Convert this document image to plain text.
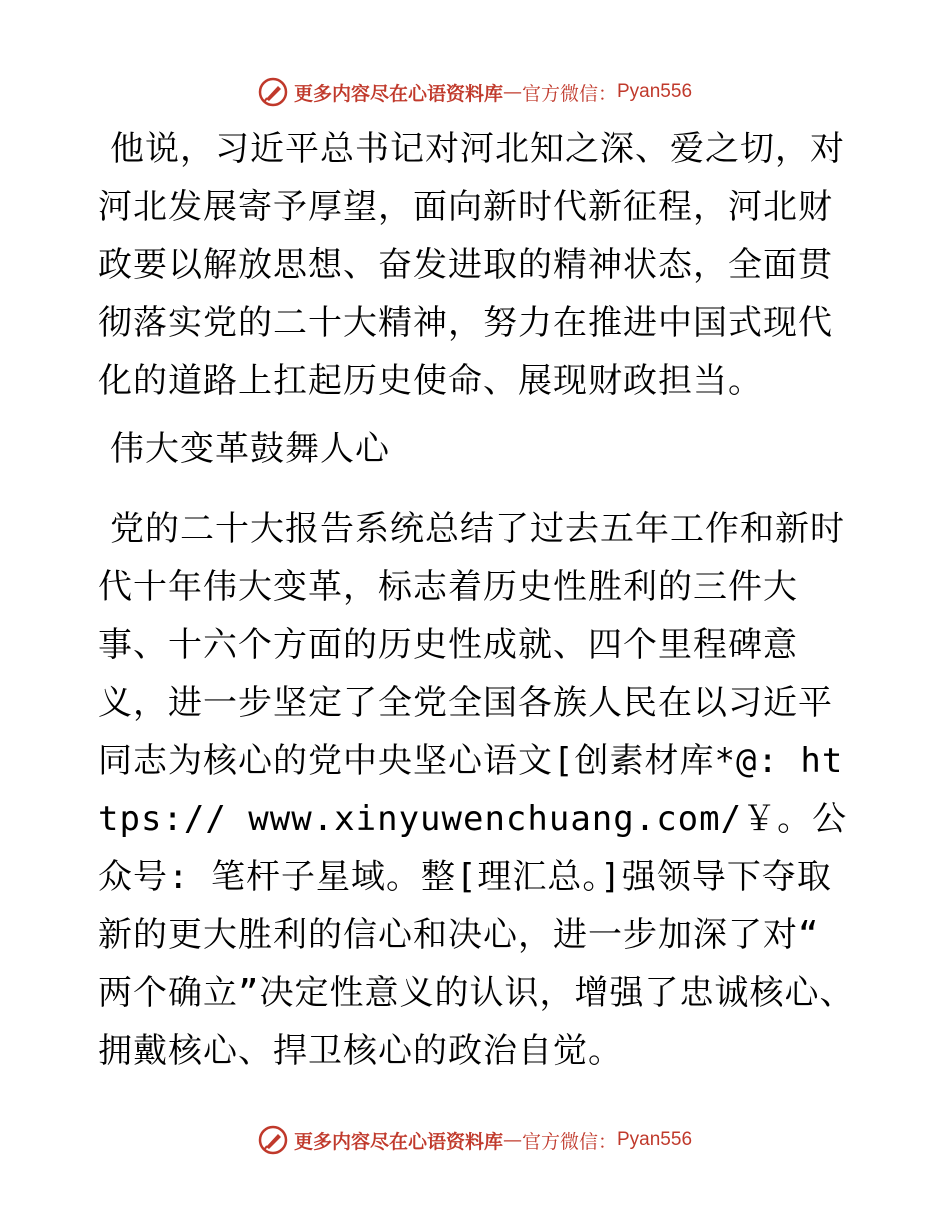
更多内容尽在心语资料库 — 官方微信： Pyan556

他说，习近平总书记对河北知之深、爱之切，对河北发展寄予厚望，面向新时代新征程，河北财政要以解放思想、奋发进取的精神状态，全面贯彻落实党的二十大精神，努力在推进中国式现代化的道路上扛起历史使命、展现财政担当。

伟大变革鼓舞人心

党的二十大报告系统总结了过去五年工作和新时代十年伟大变革，标志着历史性胜利的三件大事、十六个方面的历史性成就、四个里程碑意义，进一步坚定了全党全国各族人民在以习近平同志为核心的党中央坚心语文[创素材库*@: https:// www.xinyuwenchuang.com/￥。公众号: 笔杆子星域。整[理汇总。]强领导下夺取新的更大胜利的信心和决心，进一步加深了对“ 两个确立”决定性意义的认识，增强了忠诚核心、拥戴核心、捍卫核心的政治自觉。

更多内容尽在心语资料库 — 官方微信： Pyan556
